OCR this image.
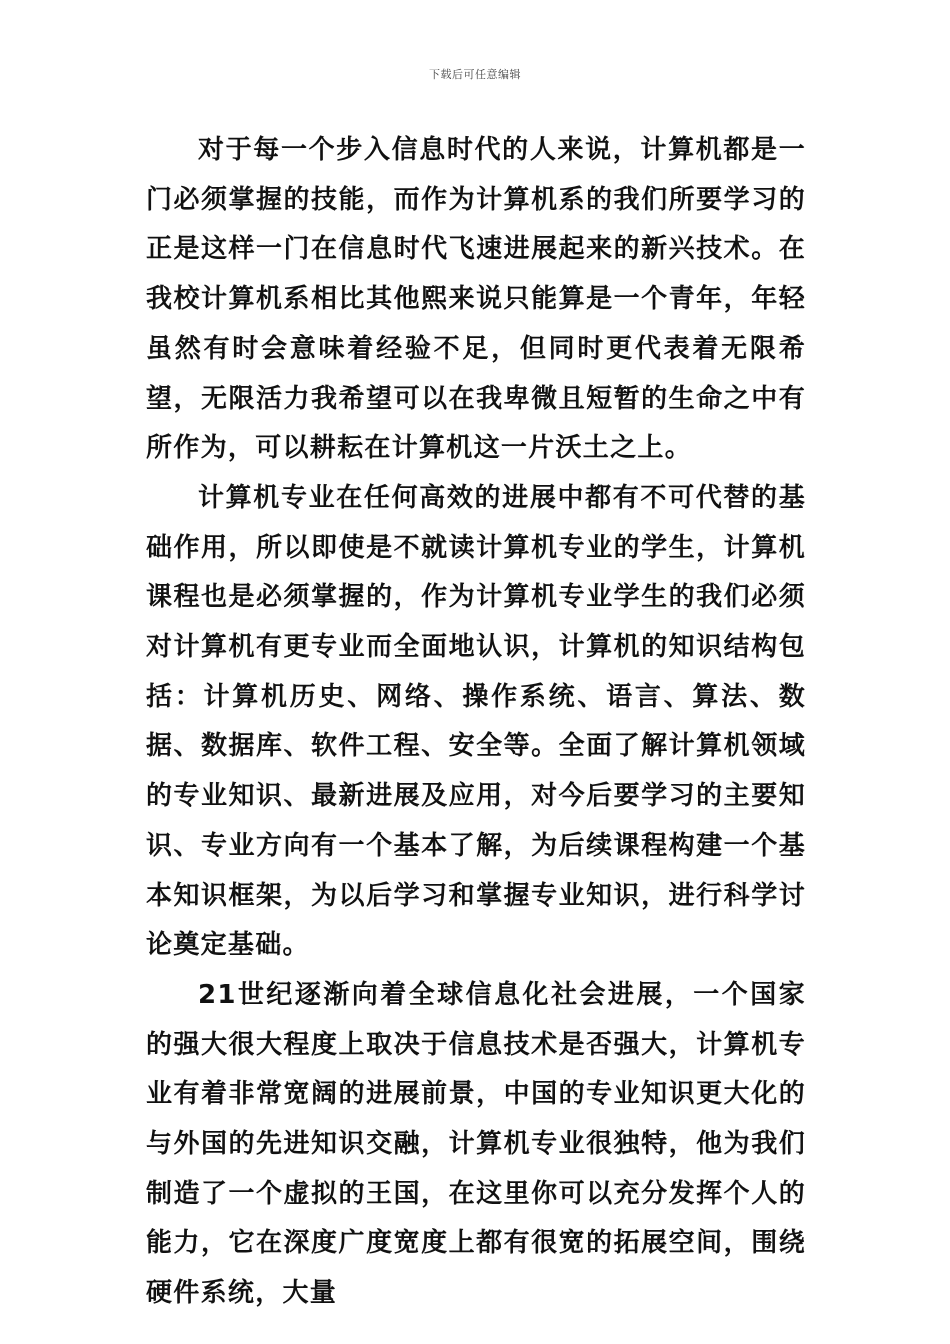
下载后可任意编辑

对于每一个步入信息时代的人来说，计算机都是一门必须掌握的技能，而作为计算机系的我们所要学习的正是这样一门在信息时代飞速进展起来的新兴技术。在我校计算机系相比其他熙来说只能算是一个青年，年轻虽然有时会意味着经验不足，但同时更代表着无限希望，无限活力我希望可以在我卑微且短暂的生命之中有所作为，可以耕耘在计算机这一片沃土之上。

计算机专业在任何高效的进展中都有不可代替的基础作用，所以即使是不就读计算机专业的学生，计算机课程也是必须掌握的，作为计算机专业学生的我们必须对计算机有更专业而全面地认识，计算机的知识结构包括：计算机历史、网络、操作系统、语言、算法、数据、数据库、软件工程、安全等。全面了解计算机领域的专业知识、最新进展及应用，对今后要学习的主要知识、专业方向有一个基本了解，为后续课程构建一个基本知识框架，为以后学习和掌握专业知识，进行科学讨论奠定基础。

21世纪逐渐向着全球信息化社会进展，一个国家的强大很大程度上取决于信息技术是否强大，计算机专业有着非常宽阔的进展前景，中国的专业知识更大化的与外国的先进知识交融，计算机专业很独特，他为我们制造了一个虚拟的王国，在这里你可以充分发挥个人的能力，它在深度广度宽度上都有很宽的拓展空间，围绕硬件系统，大量
